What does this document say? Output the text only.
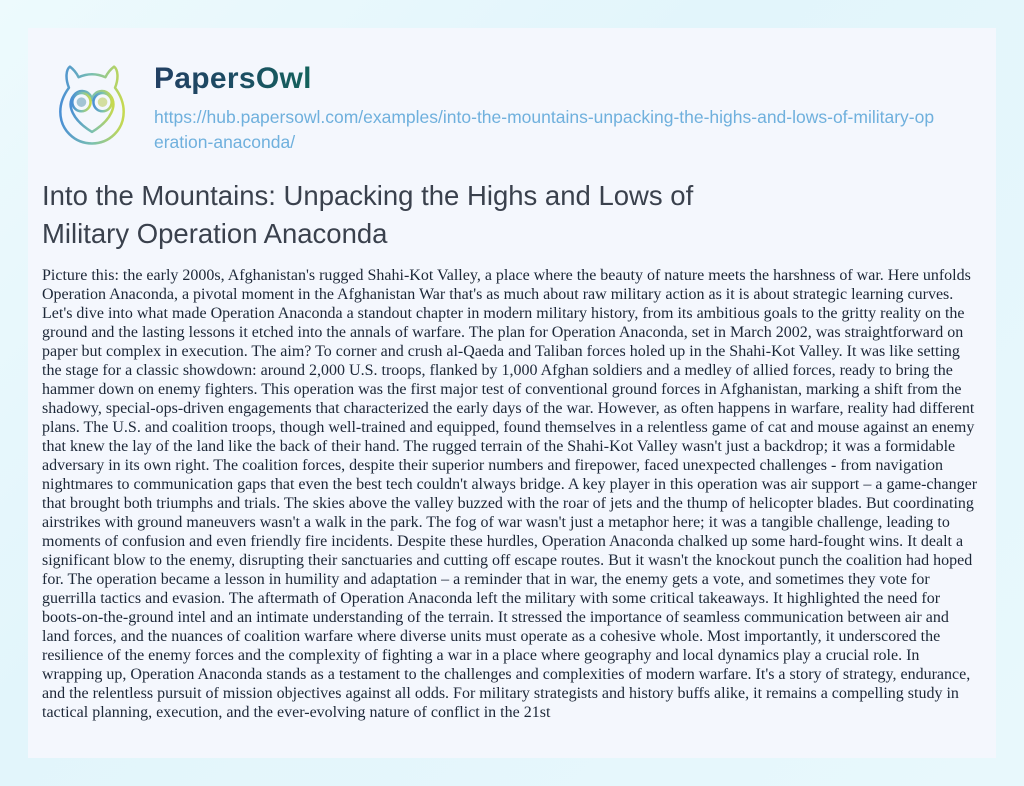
PapersOwl
https://hub.papersowl.com/examples/into-the-mountains-unpacking-the-highs-and-lows-of-military-operation-anaconda/
Into the Mountains: Unpacking the Highs and Lows of Military Operation Anaconda

Picture this: the early 2000s, Afghanistan's rugged Shahi-Kot Valley, a place where the beauty of nature meets the harshness of war. Here unfolds Operation Anaconda, a pivotal moment in the Afghanistan War that's as much about raw military action as it is about strategic learning curves. Let's dive into what made Operation Anaconda a standout chapter in modern military history, from its ambitious goals to the gritty reality on the ground and the lasting lessons it etched into the annals of warfare. The plan for Operation Anaconda, set in March 2002, was straightforward on paper but complex in execution. The aim? To corner and crush al-Qaeda and Taliban forces holed up in the Shahi-Kot Valley. It was like setting the stage for a classic showdown: around 2,000 U.S. troops, flanked by 1,000 Afghan soldiers and a medley of allied forces, ready to bring the hammer down on enemy fighters. This operation was the first major test of conventional ground forces in Afghanistan, marking a shift from the shadowy, special-ops-driven engagements that characterized the early days of the war. However, as often happens in warfare, reality had different plans. The U.S. and coalition troops, though well-trained and equipped, found themselves in a relentless game of cat and mouse against an enemy that knew the lay of the land like the back of their hand. The rugged terrain of the Shahi-Kot Valley wasn't just a backdrop; it was a formidable adversary in its own right. The coalition forces, despite their superior numbers and firepower, faced unexpected challenges - from navigation nightmares to communication gaps that even the best tech couldn't always bridge. A key player in this operation was air support – a game-changer that brought both triumphs and trials. The skies above the valley buzzed with the roar of jets and the thump of helicopter blades. But coordinating airstrikes with ground maneuvers wasn't a walk in the park. The fog of war wasn't just a metaphor here; it was a tangible challenge, leading to moments of confusion and even friendly fire incidents. Despite these hurdles, Operation Anaconda chalked up some hard-fought wins. It dealt a significant blow to the enemy, disrupting their sanctuaries and cutting off escape routes. But it wasn't the knockout punch the coalition had hoped for. The operation became a lesson in humility and adaptation – a reminder that in war, the enemy gets a vote, and sometimes they vote for guerrilla tactics and evasion. The aftermath of Operation Anaconda left the military with some critical takeaways. It highlighted the need for boots-on-the-ground intel and an intimate understanding of the terrain. It stressed the importance of seamless communication between air and land forces, and the nuances of coalition warfare where diverse units must operate as a cohesive whole. Most importantly, it underscored the resilience of the enemy forces and the complexity of fighting a war in a place where geography and local dynamics play a crucial role. In wrapping up, Operation Anaconda stands as a testament to the challenges and complexities of modern warfare. It's a story of strategy, endurance, and the relentless pursuit of mission objectives against all odds. For military strategists and history buffs alike, it remains a compelling study in tactical planning, execution, and the ever-evolving nature of conflict in the 21st
